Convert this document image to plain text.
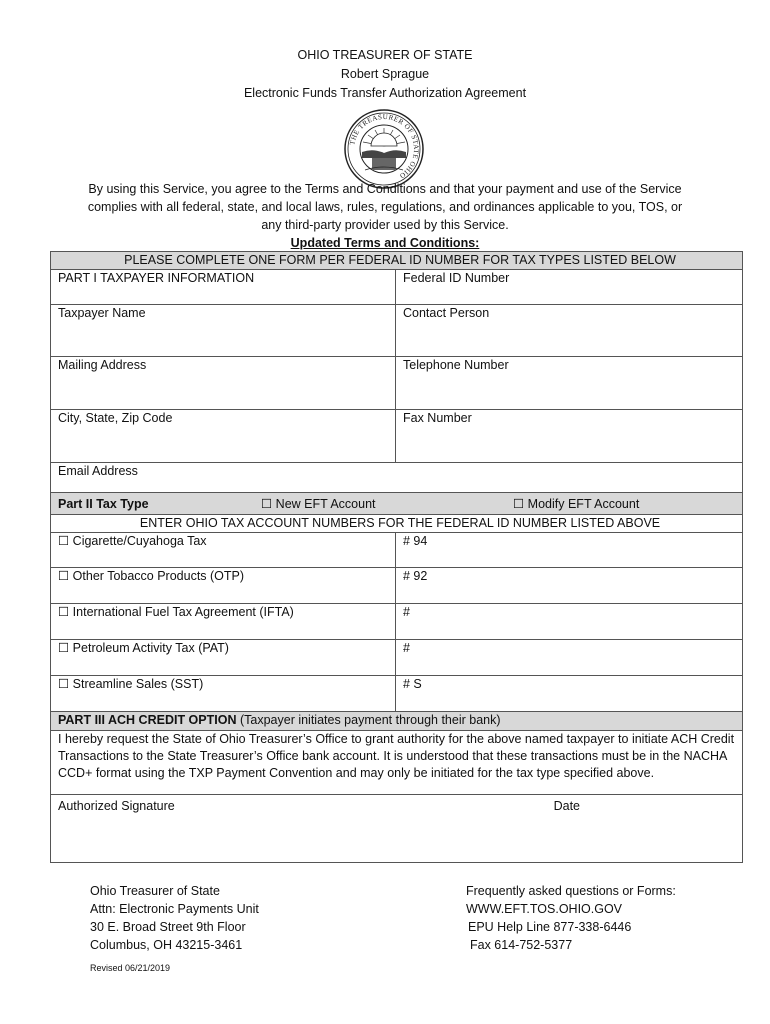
OHIO TREASURER OF STATE
Robert Sprague
Electronic Funds Transfer Authorization Agreement
THE TREASURER OF STATE OHIO
By using this Service, you agree to the Terms and Conditions and that your payment and use of the Service complies with all federal, state, and local laws, rules, regulations, and ordinances applicable to you, TOS, or any third-party provider used by this Service.
Updated Terms and Conditions:
PLEASE COMPLETE ONE FORM PER FEDERAL ID NUMBER FOR TAX TYPES LISTED BELOW	
PART I TAXPAYER INFORMATION	Federal ID Number
Taxpayer Name	Contact Person
Mailing Address	Telephone Number
City, State, Zip Code	Fax Number
Email Address	

Part II Tax Type ☐ New EFT Account ☐ Modify EFT Account	

ENTER OHIO TAX ACCOUNT NUMBERS FOR THE FEDERAL ID NUMBER LISTED ABOVE	
☐ Cigarette/Cuyahoga Tax	# 94
☐ Other Tobacco Products (OTP)	# 92
☐ International Fuel Tax Agreement (IFTA)	#
☐ Petroleum Activity Tax (PAT)	#
☐ Streamline Sales (SST)	# S
PART III ACH CREDIT OPTION (Taxpayer initiates payment through their bank)	
I hereby request the State of Ohio Treasurer’s Office to grant authority for the above named taxpayer to initiate ACH Credit Transactions to the State Treasurer’s Office bank account. It is understood that these transactions must be in the NACHA CCD+ format using the TXP Payment Convention and may only be initiated for the tax type specified above.	

Authorized Signature Date	
Ohio Treasurer of State
Attn: Electronic Payments Unit
30 E. Broad Street 9th Floor
Columbus, OH 43215-3461
Frequently asked questions or Forms:
WWW.EFT.TOS.OHIO.GOV
EPU Help Line 877-338-6446
Fax 614-752-5377
Revised 06/21/2019
